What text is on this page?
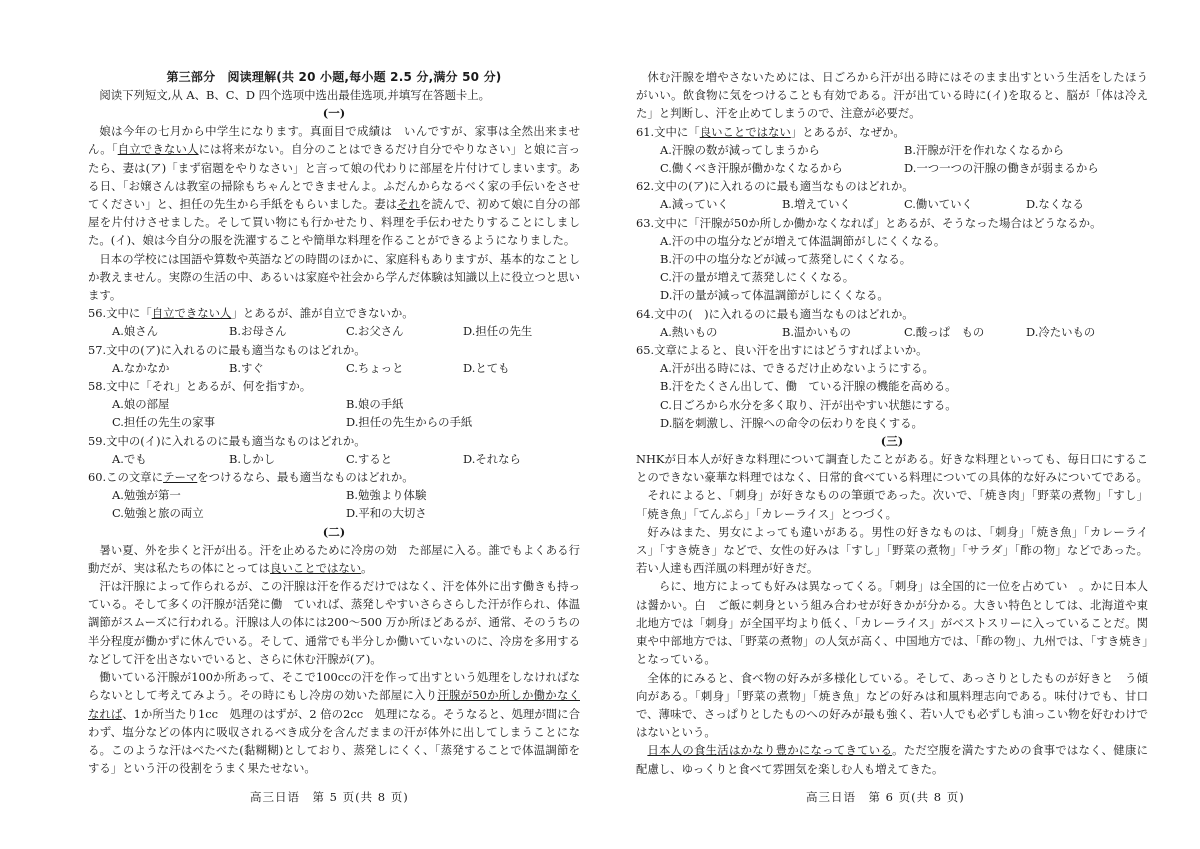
第三部分　阅读理解(共 20 小题,每小题 2.5 分,满分 50 分)

阅读下列短文,从 A、B、C、D 四个选项中选出最佳选项,并填写在答题卡上。

(一)

娘は今年の七月から中学生になります。真面目で成績は　いんですが、家事は全然出来ません。「自立できない人には将来がない。自分のことはできるだけ自分でやりなさい」と娘に言ったら、妻は(ア)「まず宿題をやりなさい」と言って娘の代わりに部屋を片付けてしまいます。ある日、「お嬢さんは教室の掃除もちゃんとできませんよ。ふだんからなるべく家の手伝いをさせてください」と、担任の先生から手紙をもらいました。妻はそれを読んで、初めて娘に自分の部屋を片付けさせました。そして買い物にも行かせたり、料理を手伝わせたりすることにしました。(イ)、娘は今自分の服を洗濯することや簡単な料理を作ることができるようになりました。

日本の学校には国語や算数や英語などの時間のほかに、家庭科もありますが、基本的なことしか教えません。実際の生活の中、あるいは家庭や社会から学んだ体験は知識以上に役立つと思います。

56.文中に「自立できない人」とあるが、誰が自立できないか。

A.娘さん	B.お母さん	C.お父さん	D.担任の先生

57.文中の(ア)に入れるのに最も適当なものはどれか。

A.なかなか	B.すぐ	C.ちょっと	D.とても

58.文中に「それ」とあるが、何を指すか。

A.娘の部屋	B.娘の手紙
C.担任の先生の家事	D.担任の先生からの手紙

59.文中の(イ)に入れるのに最も適当なものはどれか。

A.でも	B.しかし	C.すると	D.それなら

60.この文章にテーマをつけるなら、最も適当なものはどれか。

A.勉強が第一	B.勉強より体験
C.勉強と旅の両立	D.平和の大切さ
(二)

暑い夏、外を歩くと汗が出る。汗を止めるために冷房の効　た部屋に入る。誰でもよくある行動だが、実は私たちの体にとっては良いことではない。

汗は汗腺によって作られるが、この汗腺は汗を作るだけではなく、汗を体外に出す働きも持っている。そして多くの汗腺が活発に働　ていれば、蒸発しやすいさらさらした汗が作られ、体温調節がスムーズに行われる。汗腺は人の体には200～500 万か所ほどあるが、通常、そのうちの半分程度が働かずに休んでいる。そして、通常でも半分しか働いていないのに、冷房を多用するなどして汗を出さないでいると、さらに休む汗腺が(ア)。

働いている汗腺が100か所あって、そこで100ccの汗を作って出すという処理をしなければならないとして考えてみよう。その時にもし冷房の効いた部屋に入り汗腺が50か所しか働かなくなれば、1か所当たり1cc　処理のはずが、2 倍の2cc　処理になる。そうなると、処理が間に合わず、塩分などの体内に吸収されるべき成分を含んだままの汗が体外に出してしまうことになる。このような汗はべたべた(黏糊糊)としており、蒸発しにくく、「蒸発することで体温調節をする」という汗の役割をうまく果たせない。

休む汗腺を増やさないためには、日ごろから汗が出る時にはそのまま出すという生活をしたほうがいい。飲食物に気をつけることも有効である。汗が出ている時に(イ)を取ると、脳が「体は冷えた」と判断し、汗を止めてしまうので、注意が必要だ。

61.文中に「良いことではない」とあるが、なぜか。

A.汗腺の数が減ってしまうから	B.汗腺が汗を作れなくなるから
C.働くべき汗腺が働かなくなるから	D.一つ一つの汗腺の働きが弱まるから

62.文中の(ア)に入れるのに最も適当なものはどれか。

A.減っていく	B.増えていく	C.働いていく	D.なくなる

63.文中に「汗腺が50か所しか働かなくなれば」とあるが、そうなった場合はどうなるか。

A.汗の中の塩分などが増えて体温調節がしにくくなる。
B.汗の中の塩分などが減って蒸発しにくくなる。
C.汗の量が増えて蒸発しにくくなる。
D.汗の量が減って体温調節がしにくくなる。

64.文中の(　)に入れるのに最も適当なものはどれか。

A.熱いもの	B.温かいもの	C.酸っぱ　もの	D.冷たいもの

65.文章によると、良い汗を出すにはどうすればよいか。

A.汗が出る時には、できるだけ止めないようにする。
B.汗をたくさん出して、働　ている汗腺の機能を高める。
C.日ごろから水分を多く取り、汗が出やすい状態にする。
D.脳を刺激し、汗腺への命令の伝わりを良くする。
(三)

NHKが日本人が好きな料理について調査したことがある。好きな料理といっても、毎日口にすることのできない豪華な料理ではなく、日常的食べている料理についての具体的な好みについてである。

それによると、「刺身」が好きなものの筆頭であった。次いで、「焼き肉」「野菜の煮物」「すし」「焼き魚」「てんぷら」「カレーライス」とつづく。

好みはまた、男女によっても違いがある。男性の好きなものは、「刺身」「焼き魚」「カレーライス」「すき焼き」などで、女性の好みは「すし」「野菜の煮物」「サラダ」「酢の物」などであった。若い人達も西洋風の料理が好きだ。

　らに、地方によっても好みは異なってくる。「刺身」は全国的に一位を占めてい　。かに日本人は醤かい。白　ご飯に刺身という組み合わせが好きかが分かる。大きい特色としては、北海道や東北地方では「刺身」が全国平均より低く、「カレーライス」がベストスリーに入っていることだ。関東や中部地方では、「野菜の煮物」の人気が高く、中国地方では、「酢の物」、九州では、「すき焼き」となっている。

全体的にみると、食べ物の好みが多様化している。そして、あっさりとしたものが好きと　う傾向がある。「刺身」「野菜の煮物」「焼き魚」などの好みは和風料理志向である。味付けでも、甘口で、薄味で、さっぱりとしたものへの好みが最も強く、若い人でも必ずしも油っこい物を好むわけではないという。

日本人の食生活はかなり豊かになってきている。ただ空腹を満たすための食事ではなく、健康に配慮し、ゆっくりと食べて雰囲気を楽しむ人も増えてきた。

高三日语　第 5 页(共 8 页)	高三日语　第 6 页(共 8 页)
